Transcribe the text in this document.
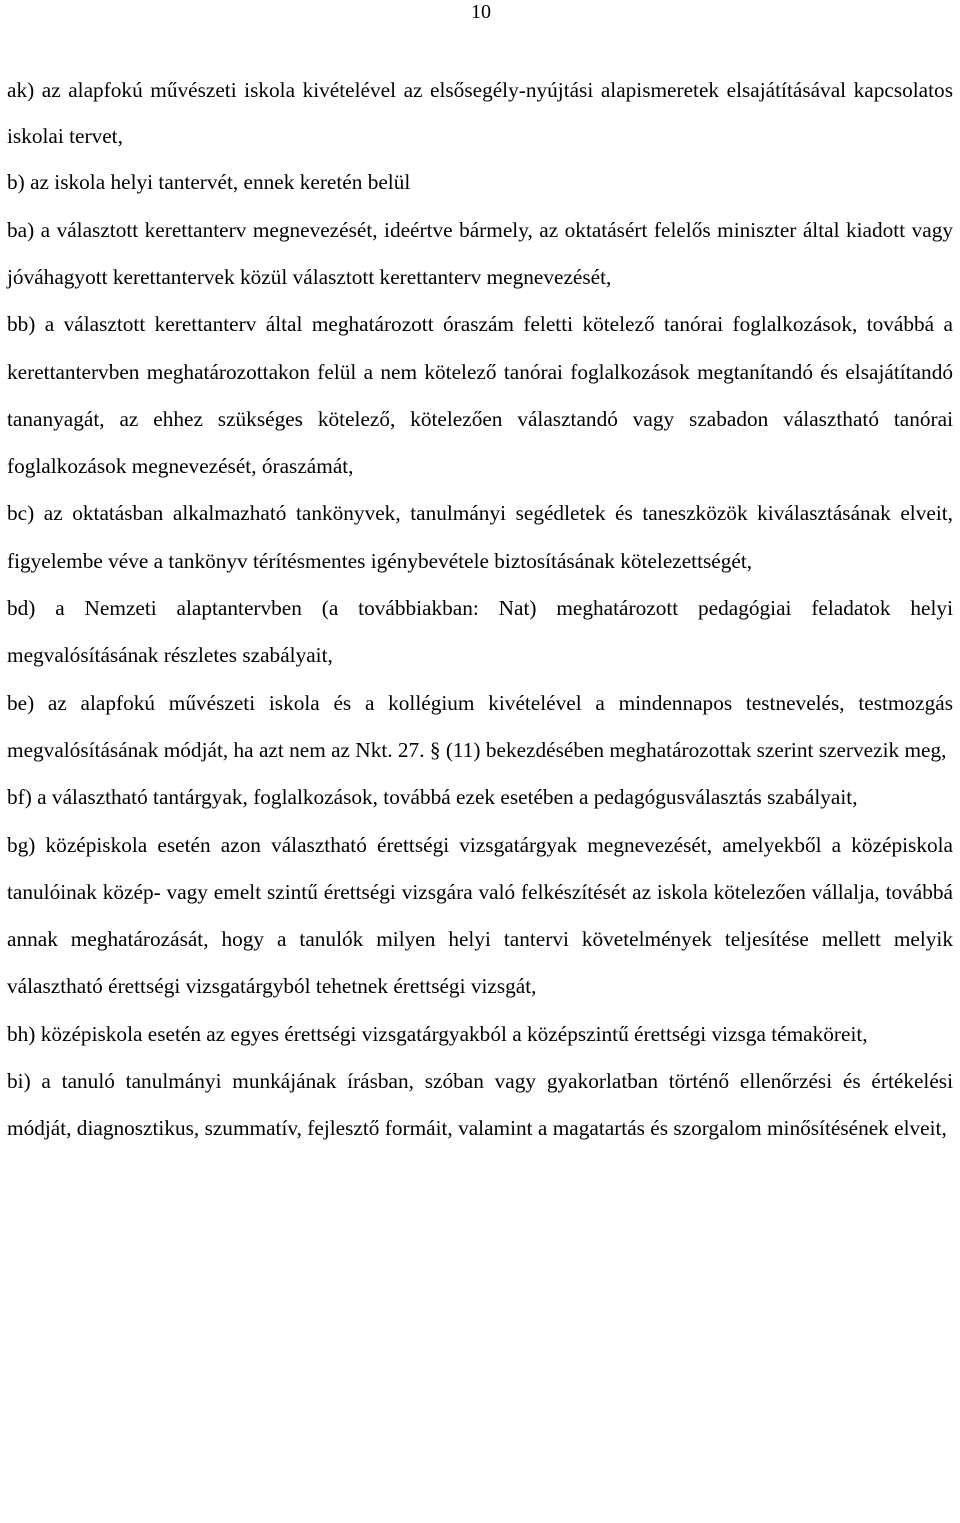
10

ak) az alapfokú művészeti iskola kivételével az elsősegély-nyújtási alapismeretek elsajátításával kapcsolatos iskolai tervet,

b) az iskola helyi tantervét, ennek keretén belül

ba) a választott kerettanterv megnevezését, ideértve bármely, az oktatásért felelős miniszter által kiadott vagy jóváhagyott kerettantervek közül választott kerettanterv megnevezését,

bb) a választott kerettanterv által meghatározott óraszám feletti kötelező tanórai foglalkozások, továbbá a kerettantervben meghatározottakon felül a nem kötelező tanórai foglalkozások megtanítandó és elsajátítandó tananyagát, az ehhez szükséges kötelező, kötelezően választandó vagy szabadon választható tanórai foglalkozások megnevezését, óraszámát,

bc) az oktatásban alkalmazható tankönyvek, tanulmányi segédletek és taneszközök kiválasztásának elveit, figyelembe véve a tankönyv térítésmentes igénybevétele biztosításának kötelezettségét,

bd) a Nemzeti alaptantervben (a továbbiakban: Nat) meghatározott pedagógiai feladatok helyi megvalósításának részletes szabályait,

be) az alapfokú művészeti iskola és a kollégium kivételével a mindennapos testnevelés, testmozgás megvalósításának módját, ha azt nem az Nkt. 27. § (11) bekezdésében meghatározottak szerint szervezik meg,

bf) a választható tantárgyak, foglalkozások, továbbá ezek esetében a pedagógusválasztás szabályait,

bg) középiskola esetén azon választható érettségi vizsgatárgyak megnevezését, amelyekből a középiskola tanulóinak közép- vagy emelt szintű érettségi vizsgára való felkészítését az iskola kötelezően vállalja, továbbá annak meghatározását, hogy a tanulók milyen helyi tantervi követelmények teljesítése mellett melyik választható érettségi vizsgatárgyból tehetnek érettségi vizsgát,

bh) középiskola esetén az egyes érettségi vizsgatárgyakból a középszintű érettségi vizsga témaköreit,

bi) a tanuló tanulmányi munkájának írásban, szóban vagy gyakorlatban történő ellenőrzési és értékelési módját, diagnosztikus, szummatív, fejlesztő formáit, valamint a magatartás és szorgalom minősítésének elveit,
